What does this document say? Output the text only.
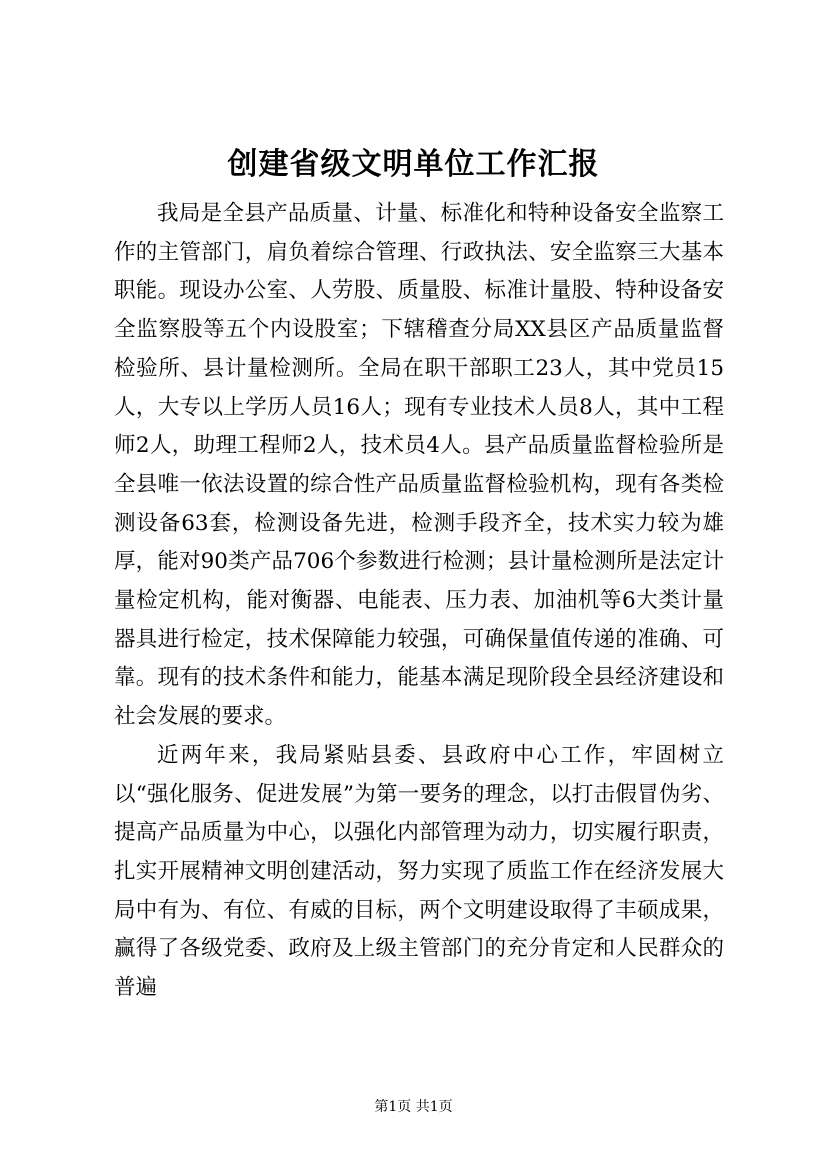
创建省级文明单位工作汇报

我局是全县产品质量、计量、标准化和特种设备安全监察工作的主管部门，肩负着综合管理、行政执法、安全监察三大基本职能。现设办公室、人劳股、质量股、标准计量股、特种设备安全监察股等五个内设股室；下辖稽查分局XX县区产品质量监督检验所、县计量检测所。全局在职干部职工23人，其中党员15人，大专以上学历人员16人；现有专业技术人员8人，其中工程师2人，助理工程师2人，技术员4人。县产品质量监督检验所是全县唯一依法设置的综合性产品质量监督检验机构，现有各类检测设备63套，检测设备先进，检测手段齐全，技术实力较为雄厚，能对90类产品706个参数进行检测；县计量检测所是法定计量检定机构，能对衡器、电能表、压力表、加油机等6大类计量器具进行检定，技术保障能力较强，可确保量值传递的准确、可靠。现有的技术条件和能力，能基本满足现阶段全县经济建设和社会发展的要求。

近两年来，我局紧贴县委、县政府中心工作，牢固树立以“强化服务、促进发展”为第一要务的理念，以打击假冒伪劣、提高产品质量为中心，以强化内部管理为动力，切实履行职责，扎实开展精神文明创建活动，努力实现了质监工作在经济发展大局中有为、有位、有威的目标，两个文明建设取得了丰硕成果，赢得了各级党委、政府及上级主管部门的充分肯定和人民群众的普遍

第1页 共1页
